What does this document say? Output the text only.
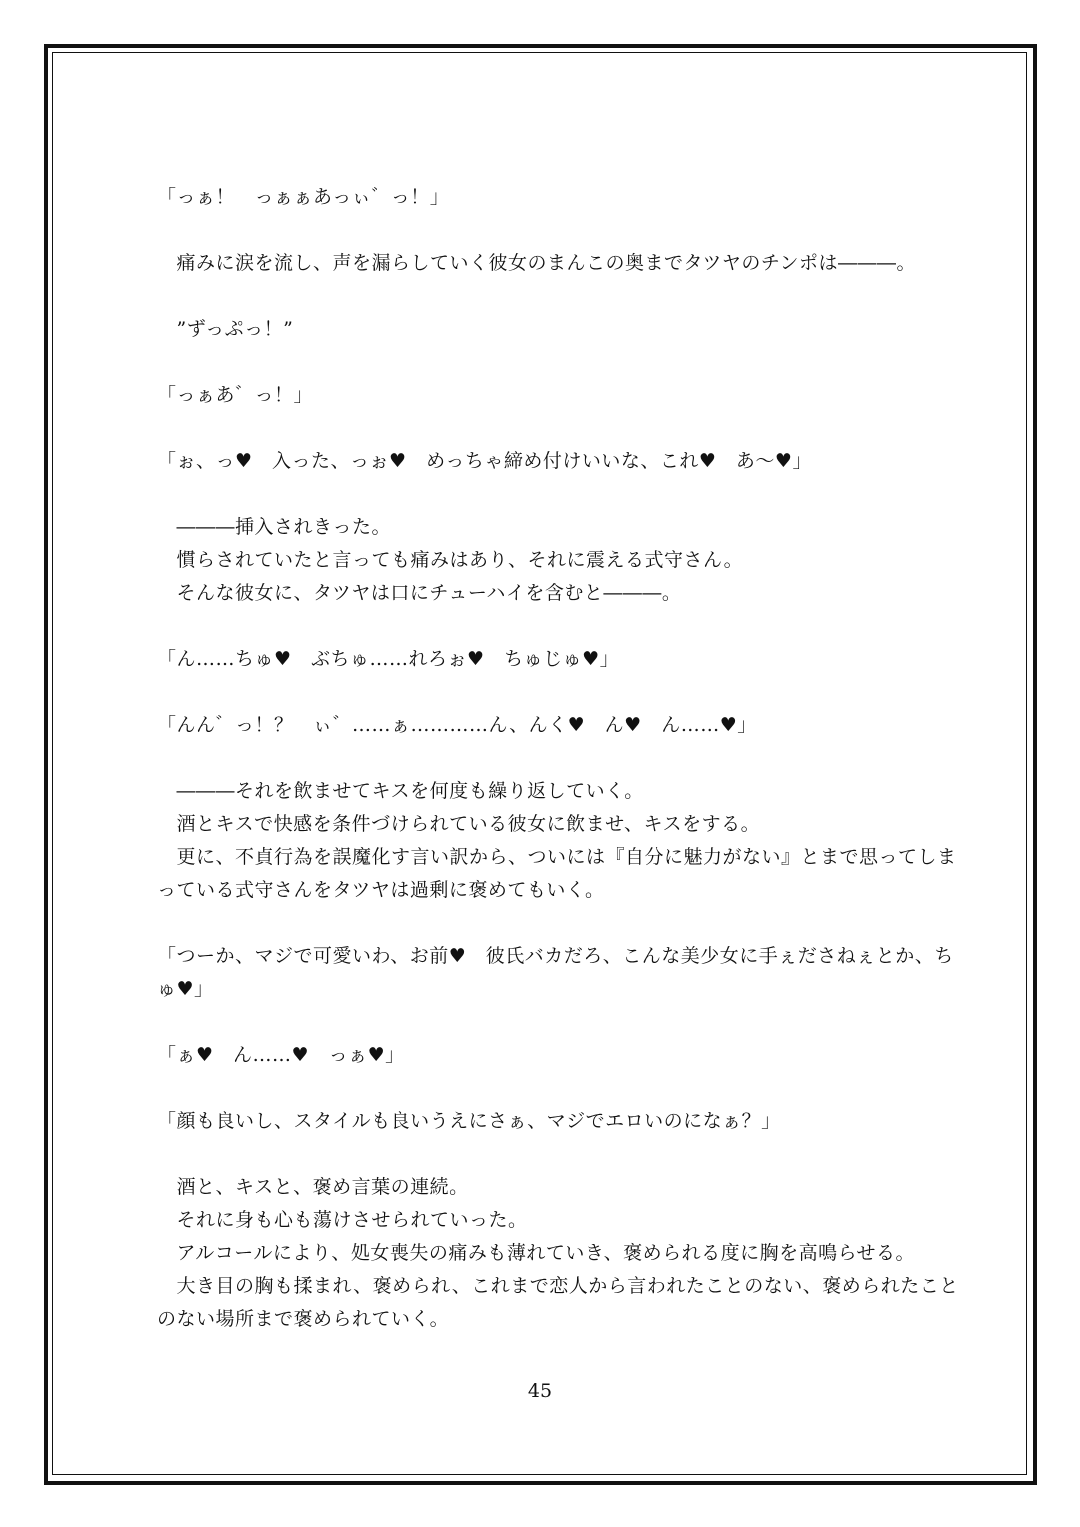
「っぁ！　っぁぁあっぃ゛っ！」
　痛みに涙を流し、声を漏らしていく彼女のまんこの奥までタツヤのチンポは―――。
　”ずっぷっ！”
「っぁあ゛っ！」
「ぉ、っ♥　入った、っぉ♥　めっちゃ締め付けいいな、これ♥　あ〜♥」
　―――挿入されきった。
　慣らされていたと言っても痛みはあり、それに震える式守さん。
　そんな彼女に、タツヤは口にチューハイを含むと―――。
「ん……ちゅ♥　ぶちゅ……れろぉ♥　ちゅじゅ♥」
「んん゛っ！？　ぃ゛……ぁ…………ん、んく♥　ん♥　ん……♥」
　―――それを飲ませてキスを何度も繰り返していく。
　酒とキスで快感を条件づけられている彼女に飲ませ、キスをする。
　更に、不貞行為を誤魔化す言い訳から、ついには『自分に魅力がない』とまで思ってしま
っている式守さんをタツヤは過剰に褒めてもいく。
「つーか、マジで可愛いわ、お前♥　彼氏バカだろ、こんな美少女に手ぇださねぇとか、ち
ゅ♥」
「ぁ♥　ん……♥　っぁ♥」
「顔も良いし、スタイルも良いうえにさぁ、マジでエロいのになぁ？」
　酒と、キスと、褒め言葉の連続。
　それに身も心も蕩けさせられていった。
　アルコールにより、処女喪失の痛みも薄れていき、褒められる度に胸を高鳴らせる。
　大き目の胸も揉まれ、褒められ、これまで恋人から言われたことのない、褒められたこと
のない場所まで褒められていく。
45
